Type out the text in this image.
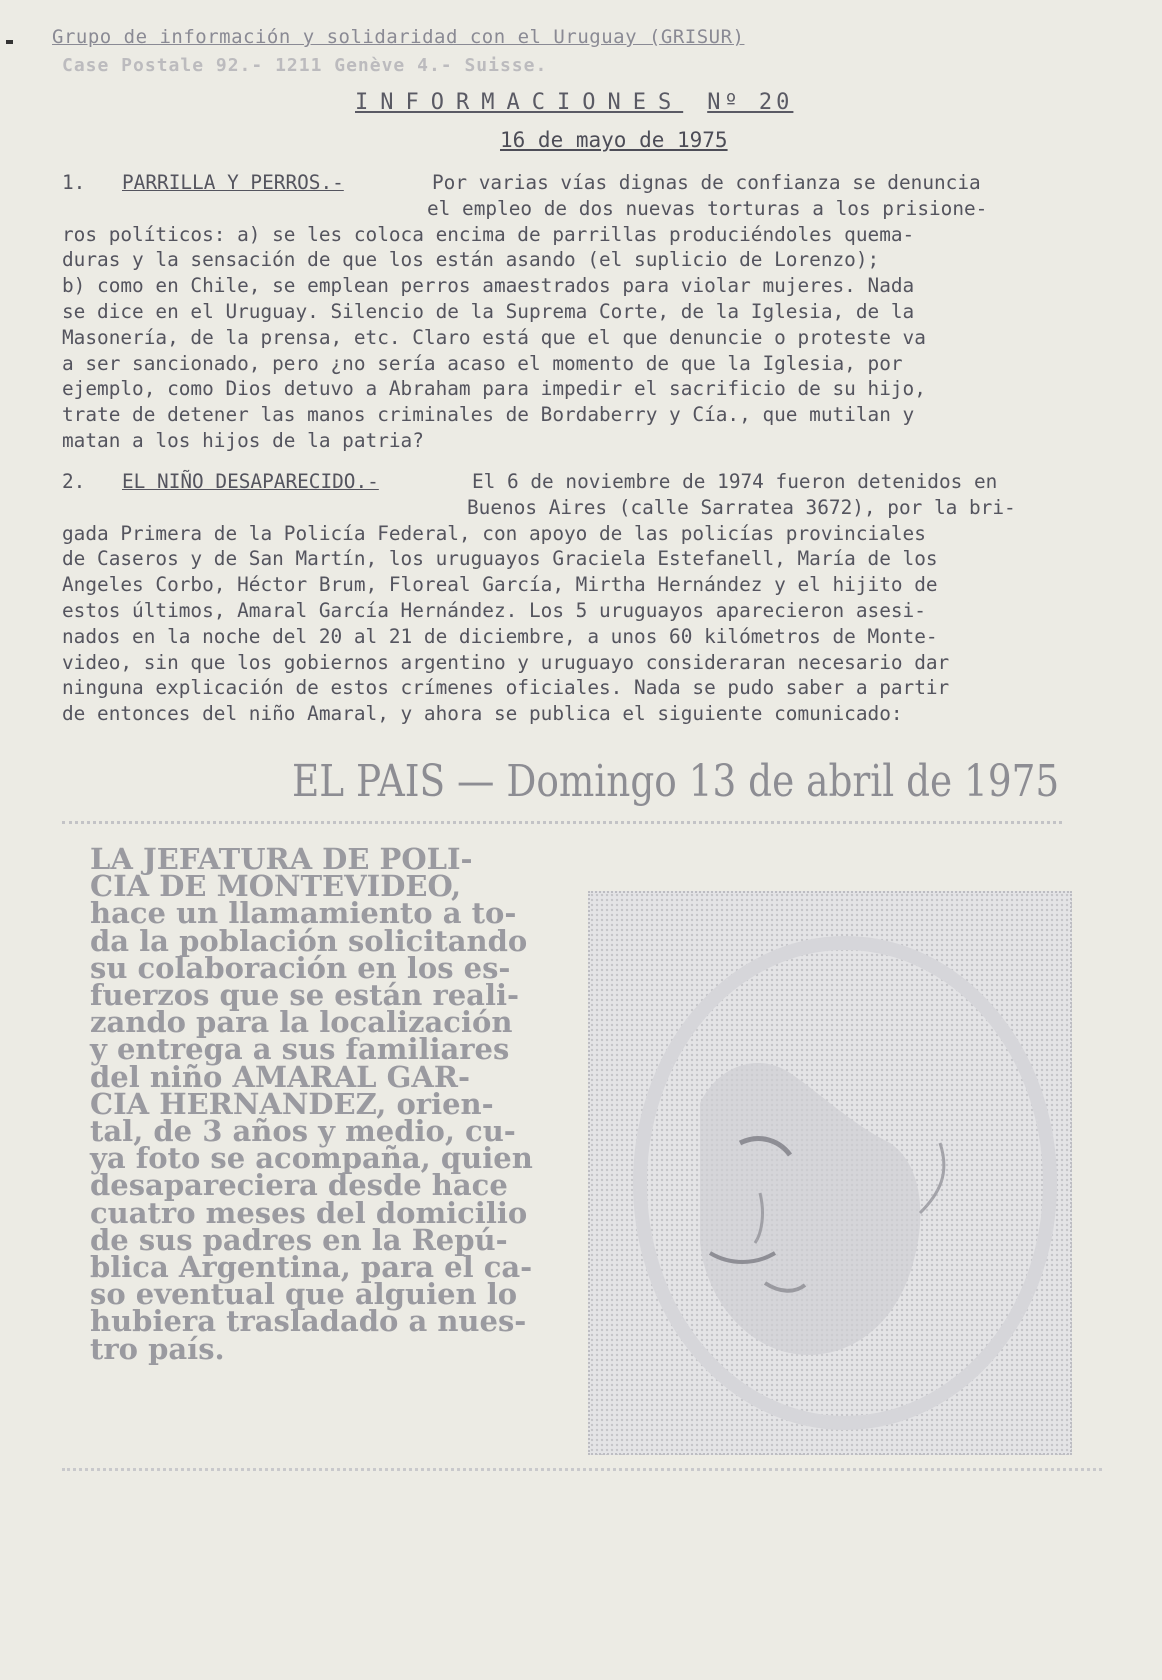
Grupo de información y solidaridad con el Uruguay (GRISUR)
Case Postale 92.- 1211 Genève 4.- Suisse.
INFORMACIONES Nº 20
16 de mayo de 1975
1.	PARRILLA Y PERROS.-	Por varias vías dignas de confianza se denuncia
el empleo de dos nuevas torturas a los prisione-
ros políticos: a) se les coloca encima de parrillas produciéndoles quema-
duras y la sensación de que los están asando (el suplicio de Lorenzo);
b) como en Chile, se emplean perros amaestrados para violar mujeres. Nada
se dice en el Uruguay. Silencio de la Suprema Corte, de la Iglesia, de la
Masonería, de la prensa, etc. Claro está que el que denuncie o proteste va
a ser sancionado, pero ¿no sería acaso el momento de que la Iglesia, por
ejemplo, como Dios detuvo a Abraham para impedir el sacrificio de su hijo,
trate de detener las manos criminales de Bordaberry y Cía., que mutilan y
matan a los hijos de la patria?
2.	EL NIÑO DESAPARECIDO.-	El 6 de noviembre de 1974 fueron detenidos en
Buenos Aires (calle Sarratea 3672), por la bri-
gada Primera de la Policía Federal, con apoyo de las policías provinciales
de Caseros y de San Martín, los uruguayos Graciela Estefanell, María de los
Angeles Corbo, Héctor Brum, Floreal García, Mirtha Hernández y el hijito de
estos últimos, Amaral García Hernández. Los 5 uruguayos aparecieron asesi-
nados en la noche del 20 al 21 de diciembre, a unos 60 kilómetros de Monte-
video, sin que los gobiernos argentino y uruguayo consideraran necesario dar
ninguna explicación de estos crímenes oficiales. Nada se pudo saber a partir
de entonces del niño Amaral, y ahora se publica el siguiente comunicado:
EL PAIS — Domingo 13 de abril de 1975
LA JEFATURA DE POLI-
CIA DE MONTEVIDEO,
hace un llamamiento a to-
da la población solicitando
su colaboración en los es-
fuerzos que se están reali-
zando para la localización
y entrega a sus familiares
del niño AMARAL GAR-
CIA HERNANDEZ, orien-
tal, de 3 años y medio, cu-
ya foto se acompaña, quien
desapareciera desde hace
cuatro meses del domicilio
de sus padres en la Repú-
blica Argentina, para el ca-
so eventual que alguien lo
hubiera trasladado a nues-
tro país.
